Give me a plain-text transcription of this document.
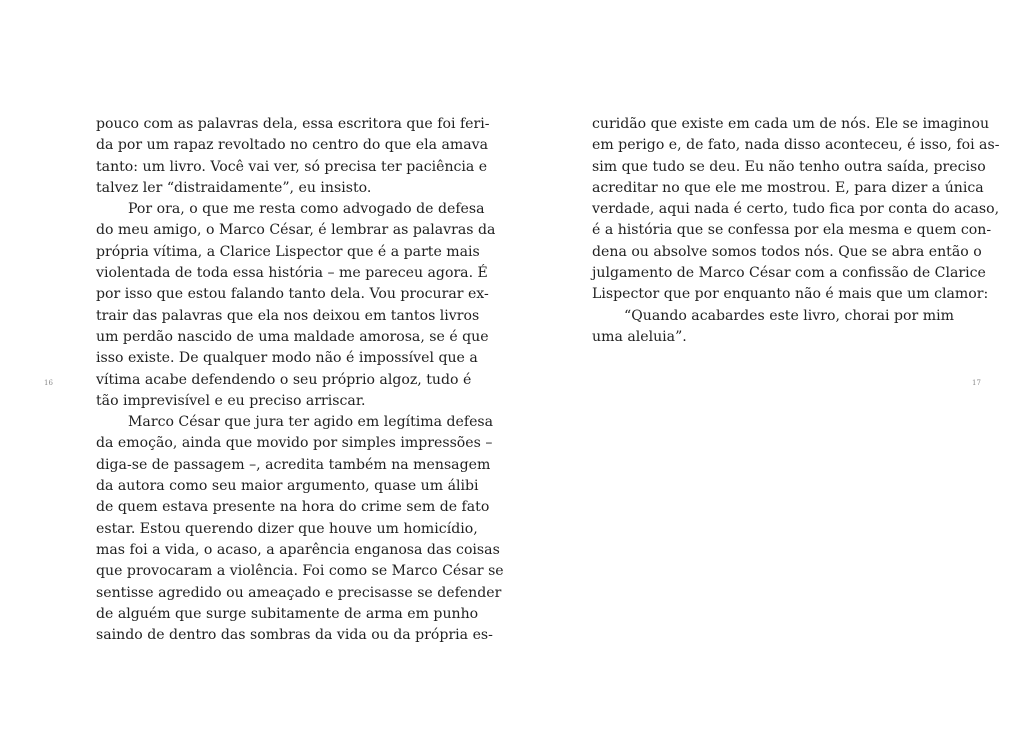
pouco com as palavras dela, essa escritora que foi feri-
da por um rapaz revoltado no centro do que ela amava
tanto: um livro. Você vai ver, só precisa ter paciência e
talvez ler “distraidamente”, eu insisto.
Por ora, o que me resta como advogado de defesa
do meu amigo, o Marco César, é lembrar as palavras da
própria vítima, a Clarice Lispector que é a parte mais
violentada de toda essa história – me pareceu agora. É
por isso que estou falando tanto dela. Vou procurar ex-
trair das palavras que ela nos deixou em tantos livros
um perdão nascido de uma maldade amorosa, se é que
isso existe. De qualquer modo não é impossível que a
vítima acabe defendendo o seu próprio algoz, tudo é
tão imprevisível e eu preciso arriscar.
Marco César que jura ter agido em legítima defesa
da emoção, ainda que movido por simples impressões –
diga-se de passagem –, acredita também na mensagem
da autora como seu maior argumento, quase um álibi
de quem estava presente na hora do crime sem de fato
estar. Estou querendo dizer que houve um homicídio,
mas foi a vida, o acaso, a aparência enganosa das coisas
que provocaram a violência. Foi como se Marco César se
sentisse agredido ou ameaçado e precisasse se defender
de alguém que surge subitamente de arma em punho
saindo de dentro das sombras da vida ou da própria es-
16
curidão que existe em cada um de nós. Ele se imaginou
em perigo e, de fato, nada disso aconteceu, é isso, foi as-
sim que tudo se deu. Eu não tenho outra saída, preciso
acreditar no que ele me mostrou. E, para dizer a única
verdade, aqui nada é certo, tudo fica por conta do acaso,
é a história que se confessa por ela mesma e quem con-
dena ou absolve somos todos nós. Que se abra então o
julgamento de Marco César com a confissão de Clarice
Lispector que por enquanto não é mais que um clamor:
“Quando acabardes este livro, chorai por mim
uma aleluia”.
17
